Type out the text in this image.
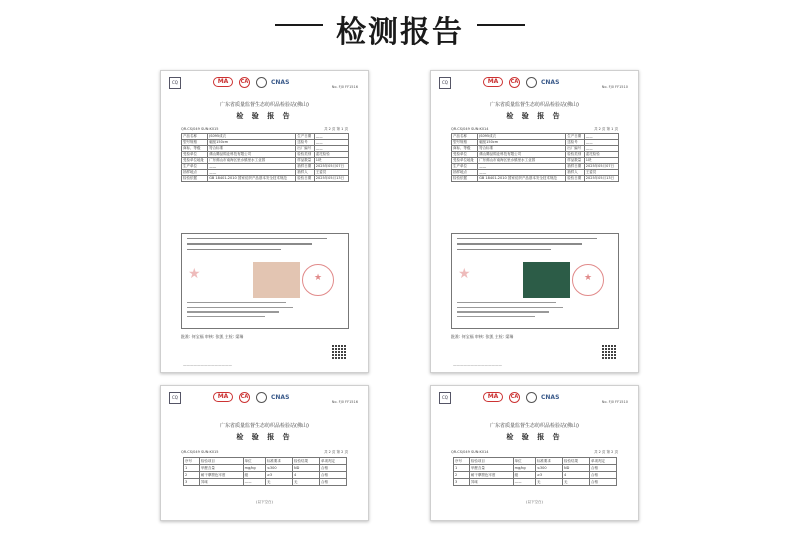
检测报告
CQ	MA	CA	CNAS
No. FJ0 FF1516
广东省质量监督生态纺织品检验站(佛山)
检 验 报 告
QR-CS/049 SUN:K015	共 2 页 第 1 页
产品名称	JS095成衣	生产日期	——
型号规格	幅宽150cm	送检号	——
商标、等级	符合标准	出厂编号	——
受检单位	佛山腾品棉业科技有限公司	检验类别	委托检验
受检单位地址	广东佛山市南海区里水镇里水工业园	样品数量	1块
生产单位	——	抽样日期	2025年05月07日
抽样地点	——	抽样人	王委员
检验依据	GB 18401-2010 国家纺织产品基本安全技术规范	检验日期	2025年05月13日
★	★
批准: 何宝福 审核: 张凯 主检: 梁瑞
——————————————
CQ	MA	CA	CNAS
No. FJ0 FF1510
广东省质量监督生态纺织品检验站(佛山)
检 验 报 告
QR-CS/049 SUN:K014	共 2 页 第 1 页
产品名称	JS095成衣	生产日期	——
型号规格	幅宽150cm	送检号	——
商标、等级	符合标准	出厂编号	——
受检单位	佛山腾品棉业科技有限公司	检验类别	委托检验
受检单位地址	广东佛山市南海区里水镇里水工业园	样品数量	1块
生产单位	——	抽样日期	2025年05月07日
抽样地点	——	抽样人	王委员
检验依据	GB 18401-2010 国家纺织产品基本安全技术规范	检验日期	2025年05月13日
★	★
批准: 何宝福 审核: 张凯 主检: 梁瑞
——————————————
CQ	MA	CA	CNAS
No. FJ0 FF1516
广东省质量监督生态纺织品检验站(佛山)
检 验 报 告
QR-CS/049 SUN:K015	共 2 页 第 2 页
序号	检验项目	单位	标准要求	检验结果	单项判定
1	甲醛含量	mg/kg	≤300	ND	合格
2	耐干摩擦色牢度	级	≥3	4	合格
3	异味	——	无	无	合格
(以下空白)
CQ	MA	CA	CNAS
No. FJ0 FF1510
广东省质量监督生态纺织品检验站(佛山)
检 验 报 告
QR-CS/049 SUN:K014	共 2 页 第 2 页
序号	检验项目	单位	标准要求	检验结果	单项判定
1	甲醛含量	mg/kg	≤300	ND	合格
2	耐干摩擦色牢度	级	≥3	4	合格
3	异味	——	无	无	合格
(以下空白)
